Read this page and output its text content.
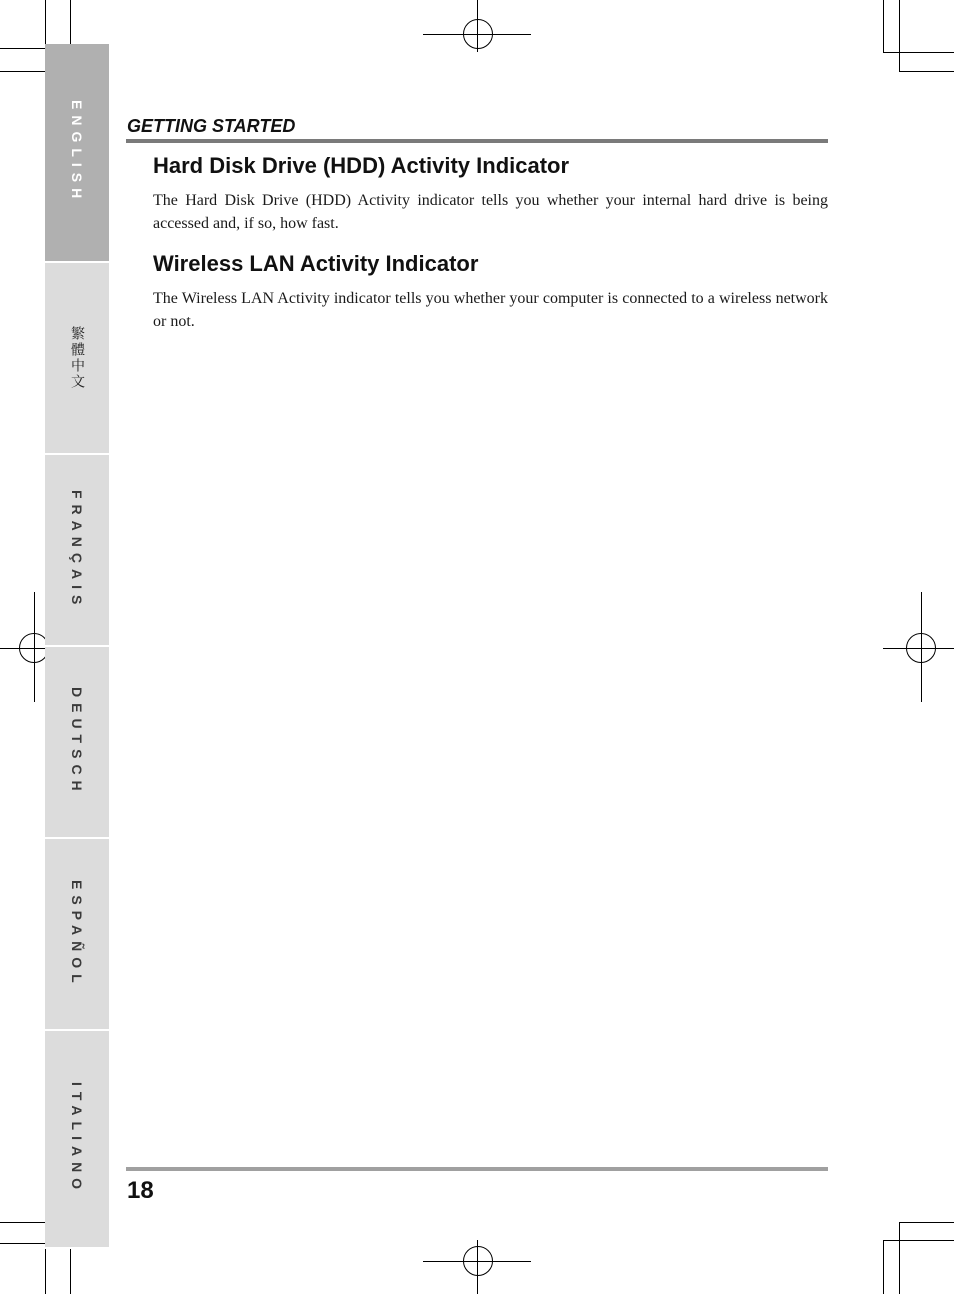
ENGLISH
繁體中文
FRANÇAIS
DEUTSCH
ESPAÑOL
ITALIANO
GETTING STARTED
Hard Disk Drive (HDD) Activity Indicator

The Hard Disk Drive (HDD) Activity indicator tells you whether your internal hard drive is being accessed and, if so, how fast.

Wireless LAN Activity Indicator

The Wireless LAN Activity indicator tells you whether your computer is connected to a wireless network or not.

18
